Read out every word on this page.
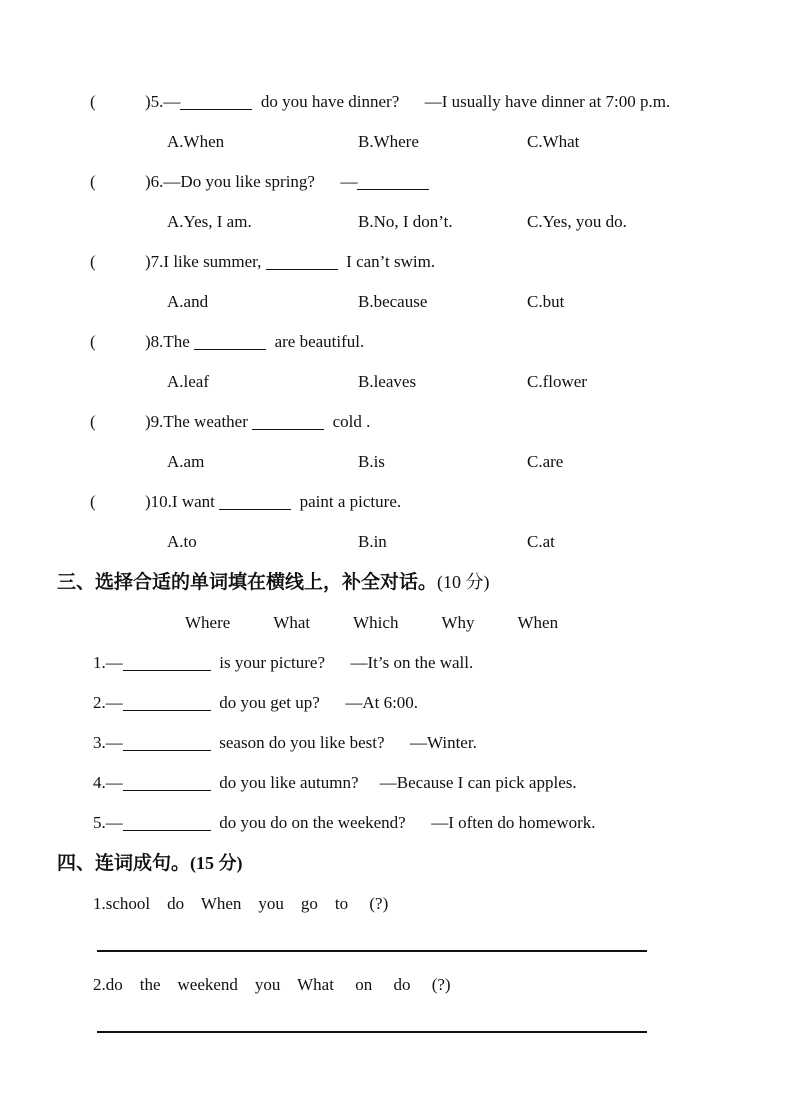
(	)5.—	do you have dinner?      —I usually have dinner at 7:00 p.m.
A.When	B.Where	C.What
(	)6.—Do you like spring?      —
A.Yes, I am.	B.No, I don’t.	C.Yes, you do.
(	)7.I like summer,	I can’t swim.
A.and	B.because	C.but
(	)8.The	are beautiful.
A.leaf	B.leaves	C.flower
(	)9.The weather	cold .
A.am	B.is	C.are
(	)10.I want	paint a picture.
A.to	B.in	C.at
三、选择合适的单词填在横线上，补全对话。(10 分)
Where	What	Which	Why	When
1.—	is your picture?      —It’s on the wall.
2.—	do you get up?      —At 6:00.
3.—	season do you like best?      —Winter.
4.—	do you like autumn?     —Because I can pick apples.
5.—	do you do on the weekend?      —I often do homework.
四、连词成句。(15 分)
1.school    do    When    you    go    to     (?)
2.do    the    weekend    you    What     on     do     (?)
